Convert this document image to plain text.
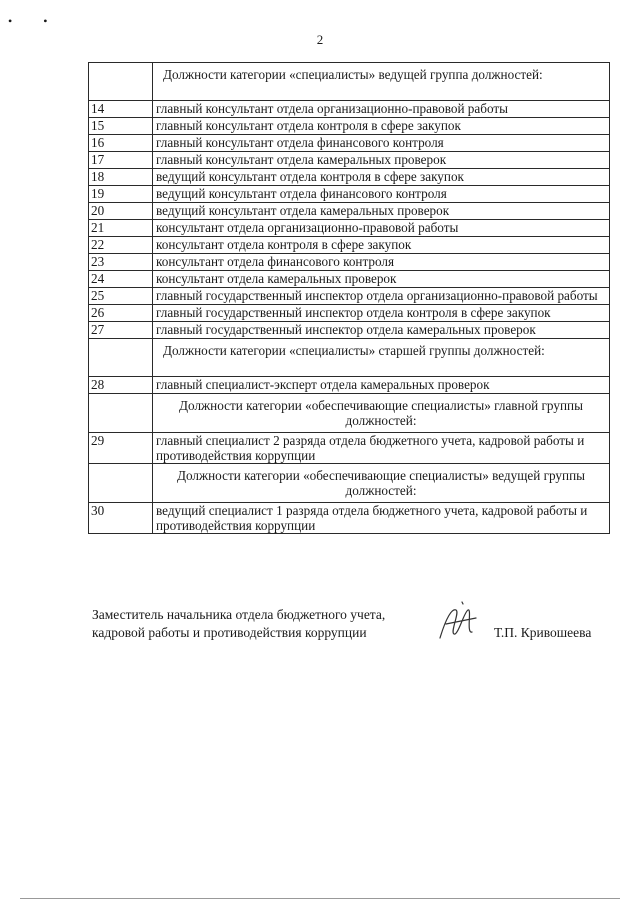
• •
2
	Должности категории «специалисты» ведущей группа должностей:
14	главный консультант отдела организационно-правовой работы
15	главный консультант отдела контроля в сфере закупок
16	главный консультант отдела финансового контроля
17	главный консультант отдела камеральных проверок
18	ведущий консультант отдела контроля в сфере закупок
19	ведущий консультант отдела финансового контроля
20	ведущий консультант отдела камеральных проверок
21	консультант отдела организационно-правовой работы
22	консультант отдела контроля в сфере закупок
23	консультант отдела финансового контроля
24	консультант отдела камеральных проверок
25	главный государственный инспектор отдела организационно-правовой работы
26	главный государственный инспектор отдела контроля в сфере закупок
27	главный государственный инспектор отдела камеральных проверок
	Должности категории «специалисты» старшей группы должностей:
28	главный специалист-эксперт отдела камеральных проверок
	Должности категории «обеспечивающие специалисты» главной группы должностей:
29	главный специалист 2 разряда отдела бюджетного учета, кадровой работы и противодействия коррупции
	Должности категории «обеспечивающие специалисты» ведущей группы должностей:
30	ведущий специалист 1 разряда отдела бюджетного учета, кадровой работы и противодействия коррупции
Заместитель начальника отдела бюджетного учета,
кадровой работы и противодействия коррупции	Т.П. Кривошеева
